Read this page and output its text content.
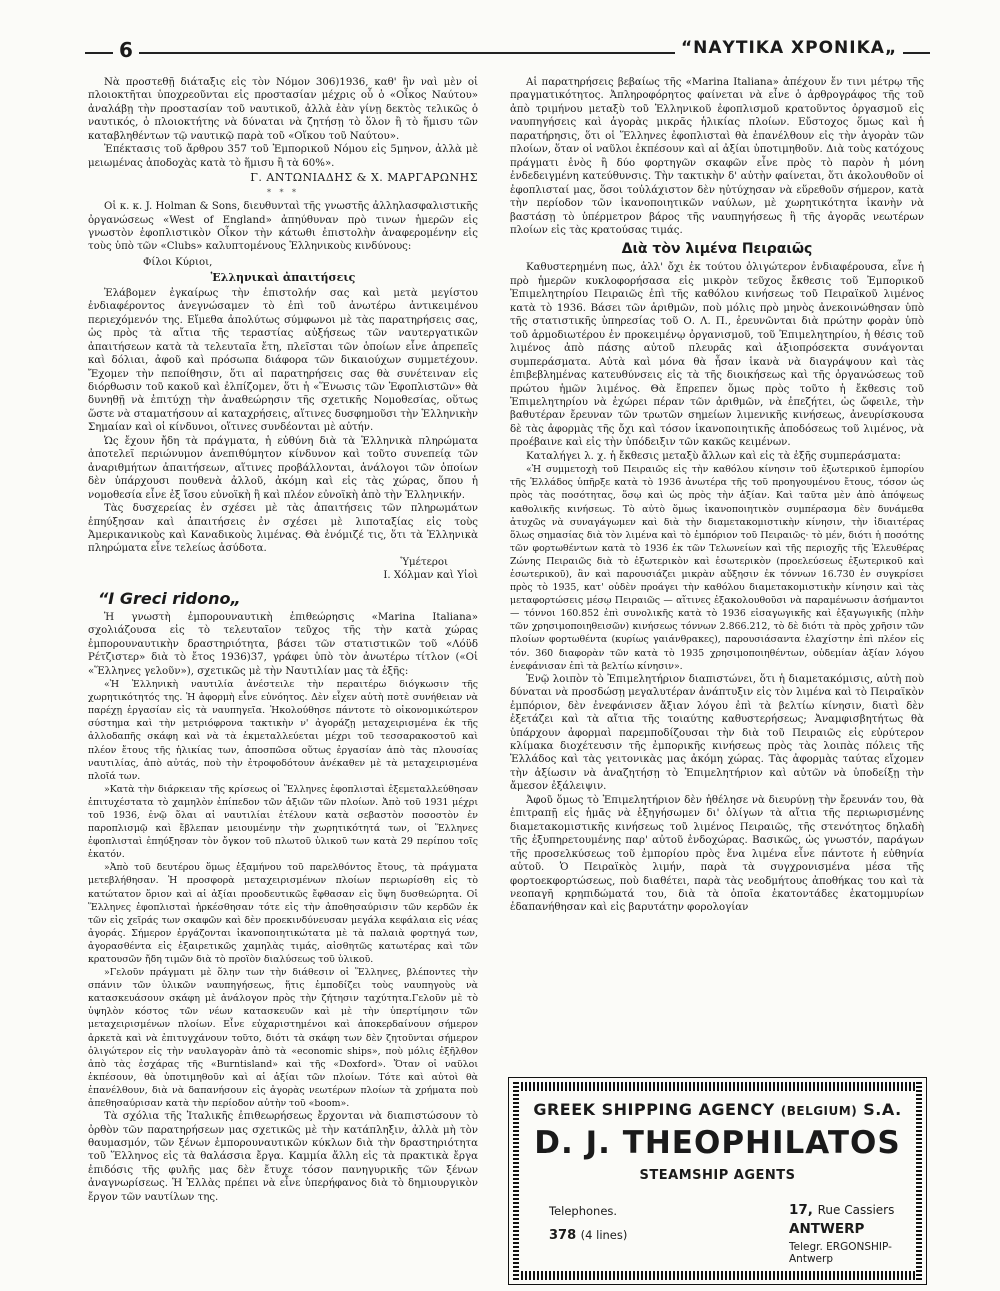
6	“ΝΑΥΤΙΚΑ ΧΡΟΝΙΚΑ„

Νὰ προστεθῇ διάταξις εἰς τὸν Νόμον 306)1936, καθ' ἣν ναὶ μὲν οἱ πλοιοκτῆται ὑποχρεοῦνται εἰς προστασίαν μέχρις οὗ ὁ «Οἶκος Ναύτου» ἀναλάβῃ τὴν προστασίαν τοῦ ναυτικοῦ, ἀλλὰ ἐὰν γίνῃ δεκτὸς τελικῶς ὁ ναυτικός, ὁ πλοιοκτήτης νὰ δύναται νὰ ζητήσῃ τὸ ὅλον ἢ τὸ ἥμισυ τῶν καταβληθέντων τῷ ναυτικῷ παρὰ τοῦ «Οἴκου τοῦ Ναύτου».

Ἐπέκτασις τοῦ ἄρθρου 357 τοῦ Ἐμπορικοῦ Νόμου εἰς 5μηνον, ἀλλὰ μὲ μειωμένας ἀποδοχὰς κατὰ τὸ ἥμισυ ἢ τὰ 60%».

Γ. ΑΝΤΩΝΙΑΔΗΣ & Χ. ΜΑΡΓΑΡΩΝΗΣ
* * *

Οἱ κ. κ. J. Holman & Sons, διευθυνταὶ τῆς γνωστῆς ἀλληλασφαλιστικῆς ὀργανώσεως «West of England» ἀπηύθυναν πρὸ τινων ἡμερῶν εἰς γνωστὸν ἐφοπλιστικὸν Οἶκον τὴν κάτωθι ἐπιστολὴν ἀναφερομένην εἰς τοὺς ὑπὸ τῶν «Clubs» καλυπτομένους Ἑλληνικοὺς κινδύνους:

Φίλοι Κύριοι,
Ἑλληνικαὶ ἀπαιτήσεις

Ἐλάβομεν ἐγκαίρως τὴν ἐπιστολήν σας καὶ μετὰ μεγίστου ἐνδιαφέροντος ἀνεγνώσαμεν τὸ ἐπὶ τοῦ ἀνωτέρω ἀντικειμένου περιεχόμενόν της. Εἴμεθα ἀπολύτως σύμφωνοι μὲ τὰς παρατηρήσεις σας, ὡς πρὸς τὰ αἴτια τῆς τεραστίας αὐξήσεως τῶν ναυτεργατικῶν ἀπαιτήσεων κατὰ τὰ τελευταῖα ἔτη, πλεῖσται τῶν ὁποίων εἶνε ἀπρεπεῖς καὶ δόλιαι, ἀφοῦ καὶ πρόσωπα διάφορα τῶν δικαιούχων συμμετέχουν. Ἔχομεν τὴν πεποίθησιν, ὅτι αἱ παρατηρήσεις σας θὰ συνέτειναν εἰς διόρθωσιν τοῦ κακοῦ καὶ ἐλπίζομεν, ὅτι ἡ «Ἕνωσις τῶν Ἐφοπλιστῶν» θὰ δυνηθῇ νὰ ἐπιτύχῃ τὴν ἀναθεώρησιν τῆς σχετικῆς Νομοθεσίας, οὕτως ὥστε νὰ σταματήσουν αἱ καταχρήσεις, αἵτινες δυσφημοῦσι τὴν Ἑλληνικὴν Σημαίαν καὶ οἱ κίνδυνοι, οἵτινες συνδέονται μὲ αὐτήν.

Ὡς ἔχουν ἤδη τὰ πράγματα, ἡ εὐθύνη διὰ τὰ Ἑλληνικὰ πληρώματα ἀποτελεῖ περιώνυμον ἀνεπιθύμητον κίνδυνον καὶ τοῦτο συνεπείᾳ τῶν ἀναριθμήτων ἀπαιτήσεων, αἵτινες προβάλλονται, ἀνάλογοι τῶν ὁποίων δὲν ὑπάρχουσι πουθενὰ ἀλλοῦ, ἀκόμη καὶ εἰς τὰς χώρας, ὅπου ἡ νομοθεσία εἶνε ἐξ ἴσου εὐνοϊκὴ ἢ καὶ πλέον εὐνοϊκὴ ἀπὸ τὴν Ἑλληνικήν.

Τὰς δυσχερείας ἐν σχέσει μὲ τὰς ἀπαιτήσεις τῶν πληρωμάτων ἐπηύξησαν καὶ ἀπαιτήσεις ἐν σχέσει μὲ λιποταξίας εἰς τοὺς Ἀμερικανικοὺς καὶ Καναδικοὺς λιμένας. Θὰ ἐνόμιζέ τις, ὅτι τὰ Ἑλληνικὰ πληρώματα εἶνε τελείως ἀσύδοτα.

Ὑμέτεροι
Ι. Χόλμαν καὶ Υἱοὶ
“I Greci ridono„

Ἡ γνωστὴ ἐμπορουναυτικὴ ἐπιθεώρησις «Marina Italiana» σχολιάζουσα εἰς τὸ τελευταῖον τεῦχος τῆς τὴν κατὰ χώρας ἐμπορουναυτικὴν δραστηριότητα, βάσει τῶν στατιστικῶν τοῦ «Λόϋδ Ρέτζιστερ» διὰ τὸ ἔτος 1936)37, γράφει ὑπὸ τὸν ἀνωτέρω τίτλον («Οἱ «Ἕλληνες γελοῦν»), σχετικῶς μὲ τὴν Ναυτιλίαν μας τὰ ἑξῆς:

«Ἡ Ἑλληνικὴ ναυτιλία ἀνέστειλε τὴν περαιτέρω διόγκωσιν τῆς χωρητικότητός της. Ἡ ἀφορμὴ εἶνε εὐνόητος. Δὲν εἶχεν αὐτὴ ποτὲ συνήθειαν νὰ παρέχῃ ἐργασίαν εἰς τὰ ναυπηγεῖα. Ἠκολούθησε πάντοτε τὸ οἰκονομικώτερον σύστημα καὶ τὴν μετριόφρονα τακτικὴν ν' ἀγοράζῃ μεταχειρισμένα ἐκ τῆς ἀλλοδαπῆς σκάφη καὶ νὰ τὰ ἐκμεταλλεύεται μέχρι τοῦ τεσσαρακοστοῦ καὶ πλέον ἔτους τῆς ἡλικίας των, ἀποσπῶσα οὕτως ἐργασίαν ἀπὸ τὰς πλουσίας ναυτιλίας, ἀπὸ αὐτάς, ποὺ τὴν ἐτροφοδότουν ἀνέκαθεν μὲ τὰ μεταχειρισμένα πλοῖά των.

»Κατὰ τὴν διάρκειαν τῆς κρίσεως οἱ Ἕλληνες ἐφοπλισταὶ ἐξεμεταλλεύθησαν ἐπιτυχέστατα τὸ χαμηλὸν ἐπίπεδον τῶν ἀξιῶν τῶν πλοίων. Ἀπὸ τοῦ 1931 μέχρι τοῦ 1936, ἐνῷ ὅλαι αἱ ναυτιλίαι ἐτέλουν κατὰ σεβαστὸν ποσοστὸν ἐν παροπλισμῷ καὶ ἔβλεπαν μειουμένην τὴν χωρητικότητά των, οἱ Ἕλληνες ἐφοπλισταὶ ἐπηύξησαν τὸν ὄγκον τοῦ πλωτοῦ ὑλικοῦ των κατὰ 29 περίπου τοῖς ἑκατόν.

»Ἀπὸ τοῦ δευτέρου ὅμως ἑξαμήνου τοῦ παρελθόντος ἔτους, τὰ πράγματα μετεβλήθησαν. Ἡ προσφορὰ μεταχειρισμένων πλοίων περιωρίσθη εἰς τὸ κατώτατον ὅριον καὶ αἱ ἀξίαι προοδευτικῶς ἔφθασαν εἰς ὕψη δυσθεώρητα. Οἱ Ἕλληνες ἐφοπλισταὶ ἠρκέσθησαν τότε εἰς τὴν ἀποθησαύρισιν τῶν κερδῶν ἐκ τῶν εἰς χεῖράς των σκαφῶν καὶ δὲν προεκινδύνευσαν μεγάλα κεφάλαια εἰς νέας ἀγοράς. Σήμερον ἐργάζονται ἱκανοποιητικώτατα μὲ τὰ παλαιὰ φορτηγά των, ἀγορασθέντα εἰς ἐξαιρετικῶς χαμηλὰς τιμάς, αἰσθητῶς κατωτέρας καὶ τῶν κρατουσῶν ἤδη τιμῶν διὰ τὸ προϊὸν διαλύσεως τοῦ ὑλικοῦ.

»Γελοῦν πράγματι μὲ ὅλην των τὴν διάθεσιν οἱ Ἕλληνες, βλέποντες τὴν σπάνιν τῶν ὑλικῶν ναυπηγήσεως, ἥτις ἐμποδίζει τοὺς ναυπηγοὺς νὰ κατασκευάσουν σκάφη μὲ ἀνάλογον πρὸς τὴν ζήτησιν ταχύτητα.Γελοῦν μὲ τὸ ὑψηλὸν κόστος τῶν νέων κατασκευῶν καὶ μὲ τὴν ὑπερτίμησιν τῶν μεταχειρισμένων πλοίων. Εἶνε εὐχαριστημένοι καὶ ἀποκερδαίνουν σήμερον ἀρκετὰ καὶ νὰ ἐπιτυγχάνουν τοῦτο, διότι τὰ σκάφη των δὲν ζητοῦνται σήμερον ὀλιγώτερον εἰς τὴν ναυλαγορὰν ἀπὸ τὰ «economic ships», ποὺ μόλις ἐξῆλθον ἀπὸ τὰς ἐσχάρας τῆς «Burntisland» καὶ τῆς «Doxford». Ὅταν οἱ ναῦλοι ἐκπέσουν, θὰ ὑποτιμηθοῦν καὶ αἱ ἀξίαι τῶν πλοίων. Τότε καὶ αὐτοὶ θὰ ἐπανέλθουν, διὰ νὰ δαπανήσουν εἰς ἀγορὰς νεωτέρων πλοίων τὰ χρήματα ποὺ ἀπεθησαύρισαν κατὰ τὴν περίοδον αὐτὴν τοῦ «boom».

Τὰ σχόλια τῆς Ἰταλικῆς ἐπιθεωρήσεως ἔρχονται νὰ διαπιστώσουν τὸ ὀρθὸν τῶν παρατηρήσεων μας σχετικῶς μὲ τὴν κατάπληξιν, ἀλλὰ μὴ τὸν θαυμασμόν, τῶν ξένων ἐμπορουναυτικῶν κύκλων διὰ τὴν δραστηριότητα τοῦ Ἕλληνος εἰς τὰ θαλάσσια ἔργα. Καμμία ἄλλη εἰς τὰ πρακτικὰ ἔργα ἐπιδόσις τῆς φυλῆς μας δὲν ἔτυχε τόσον πανηγυρικῆς τῶν ξένων ἀναγνωρίσεως. Ἡ Ἑλλὰς πρέπει νὰ εἶνε ὑπερήφανος διὰ τὸ δημιουργικὸν ἔργον τῶν ναυτίλων της.

Αἱ παρατηρήσεις βεβαίως τῆς «Marina Italiana» ἀπέχουν ἔν τινι μέτρῳ τῆς πραγματικότητος. Ἀπληροφόρητος φαίνεται νὰ εἶνε ὁ ἀρθρογράφος τῆς τοῦ ἀπὸ τριμήνου μεταξὺ τοῦ Ἑλληνικοῦ ἐφοπλισμοῦ κρατοῦντος ὀργασμοῦ εἰς ναυπηγήσεις καὶ ἀγορὰς μικρᾶς ἡλικίας πλοίων. Εὔστοχος ὅμως καὶ ἡ παρατήρησις, ὅτι οἱ Ἕλληνες ἐφοπλισταὶ θὰ ἐπανέλθουν εἰς τὴν ἀγορὰν τῶν πλοίων, ὅταν οἱ ναῦλοι ἐκπέσουν καὶ αἱ ἀξίαι ὑποτιμηθοῦν. Διὰ τοὺς κατόχους πράγματι ἑνὸς ἢ δύο φορτηγῶν σκαφῶν εἶνε πρὸς τὸ παρὸν ἡ μόνη ἐνδεδειγμένη κατεύθυνσις. Τὴν τακτικὴν δ' αὐτὴν φαίνεται, ὅτι ἀκολουθοῦν οἱ ἐφοπλισταί μας, ὅσοι τοὐλάχιστον δὲν ηὐτύχησαν νὰ εὕρεθοῦν σήμερον, κατὰ τὴν περίοδον τῶν ἱκανοποιητικῶν ναύλων, μὲ χωρητικότητα ἱκανὴν νὰ βαστάσῃ τὸ ὑπέρμετρον βάρος τῆς ναυπηγήσεως ἢ τῆς ἀγορᾶς νεωτέρων πλοίων εἰς τὰς κρατούσας τιμάς.

Διὰ τὸν λιμένα Πειραιῶς

Καθυστερημένη πως, ἀλλ' ὄχι ἐκ τούτου ὀλιγώτερον ἐνδιαφέρουσα, εἶνε ἡ πρὸ ἡμερῶν κυκλοφορήσασα εἰς μικρὸν τεῦχος ἔκθεσις τοῦ Ἐμπορικοῦ Ἐπιμελητηρίου Πειραιῶς ἐπὶ τῆς καθόλου κινήσεως τοῦ Πειραϊκοῦ λιμένος κατὰ τὸ 1936. Βάσει τῶν ἀριθμῶν, ποὺ μόλις πρὸ μηνὸς ἀνεκοινώθησαν ὑπὸ τῆς στατιστικῆς ὑπηρεσίας τοῦ Ο. Λ. Π., ἐρευνῶνται διὰ πρώτην φορὰν ὑπὸ τοῦ ἁρμοδιωτέρου ἐν προκειμένῳ ὀργανισμοῦ, τοῦ Ἐπιμελητηρίου, ἡ θέσις τοῦ λιμένος ἀπὸ πάσης αὐτοῦ πλευρᾶς καὶ ἀξιοπρόσεκτα συνάγονται συμπεράσματα. Αὐτὰ καὶ μόνα θὰ ἦσαν ἱκανὰ νὰ διαγράψουν καὶ τὰς ἐπιβεβλημένας κατευθύνσεις εἰς τὰ τῆς διοικήσεως καὶ τῆς ὀργανώσεως τοῦ πρώτου ἡμῶν λιμένος. Θὰ ἔπρεπεν ὅμως πρὸς τοῦτο ἡ ἔκθεσις τοῦ Ἐπιμελητηρίου νὰ ἐχώρει πέραν τῶν ἀριθμῶν, νὰ ἐπεζήτει, ὡς ὤφειλε, τὴν βαθυτέραν ἔρευναν τῶν τρωτῶν σημείων λιμενικῆς κινήσεως, ἀνευρίσκουσα δὲ τὰς ἀφορμὰς τῆς ὄχι καὶ τόσον ἱκανοποιητικῆς ἀποδόσεως τοῦ λιμένος, νὰ προέβαινε καὶ εἰς τὴν ὑπόδειξιν τῶν κακῶς κειμένων.

Καταλήγει λ. χ. ἡ ἔκθεσις μεταξὺ ἄλλων καὶ εἰς τὰ ἑξῆς συμπεράσματα:

«Ἡ συμμετοχὴ τοῦ Πειραιῶς εἰς τὴν καθόλου κίνησιν τοῦ ἐξωτερικοῦ ἐμπορίου τῆς Ἑλλάδος ὑπῆρξε κατὰ τὸ 1936 ἀνωτέρα τῆς τοῦ προηγουμένου ἔτους, τόσον ὡς πρὸς τὰς ποσότητας, ὅσῳ καὶ ὡς πρὸς τὴν ἀξίαν. Καὶ ταῦτα μὲν ἀπὸ ἀπόψεως καθολικῆς κινήσεως. Τὸ αὐτὸ ὅμως ἱκανοποιητικὸν συμπέρασμα δὲν δυνάμεθα ἀτυχῶς νὰ συναγάγωμεν καὶ διὰ τὴν διαμετακομιστικὴν κίνησιν, τὴν ἰδιαιτέρας ὅλως σημασίας διὰ τὸν λιμένα καὶ τὸ ἐμπόριον τοῦ Πειραιῶς· τὸ μέν, διότι ἡ ποσότης τῶν φορτωθέντων κατὰ τὸ 1936 ἐκ τῶν Τελωνείων καὶ τῆς περιοχῆς τῆς Ἐλευθέρας Ζώνης Πειραιῶς διὰ τὸ ἐξωτερικὸν καὶ ἐσωτερικὸν (προελεύσεως ἐξωτερικοῦ καὶ ἐσωτερικοῦ), ἂν καὶ παρουσιάζει μικρὰν αὔξησιν ἐκ τόννων 16.730 ἐν συγκρίσει πρὸς τὸ 1935, κατ' οὐδὲν προάγει τὴν καθόλου διαμετακομιστικὴν κίνησιν καὶ τὰς μεταφορτώσεις μέσῳ Πειραιῶς — αἵτινες ἐξακολουθοῦσι νὰ παραμένωσιν ἀσήμαντοι — τόννοι 160.852 ἐπὶ συνολικῆς κατὰ τὸ 1936 εἰσαγωγικῆς καὶ ἐξαγωγικῆς (πλὴν τῶν χρησιμοποιηθεισῶν) κινήσεως τόννων 2.866.212, τὸ δὲ διότι τὰ πρὸς χρῆσιν τῶν πλοίων φορτωθέντα (κυρίως γαιάνθρακες), παρουσιάσαντα ἐλαχίστην ἐπὶ πλέον εἰς τόν. 360 διαφορὰν τῶν κατὰ τὸ 1935 χρησιμοποιηθέντων, οὐδεμίαν ἀξίαν λόγου ἐνεφάνισαν ἐπὶ τὰ βελτίω κίνησιν».

Ἐνῷ λοιπὸν τὸ Ἐπιμελητήριον διαπιστώνει, ὅτι ἡ διαμετακόμισις, αὐτὴ ποὺ δύναται νὰ προσδώσῃ μεγαλυτέραν ἀνάπτυξιν εἰς τὸν λιμένα καὶ τὸ Πειραϊκὸν ἐμπόριον, δὲν ἐνεφάνισεν ἄξιαν λόγου ἐπὶ τὰ βελτίω κίνησιν, διατὶ δὲν ἐξετάζει καὶ τὰ αἴτια τῆς τοιαύτης καθυστερήσεως; Ἀναμφισβητήτως θὰ ὑπάρχουν ἀφορμαὶ παρεμποδίζουσαι τὴν διὰ τοῦ Πειραιῶς εἰς εὐρύτερον κλίμακα διοχέτευσιν τῆς ἐμπορικῆς κινήσεως πρὸς τὰς λοιπὰς πόλεις τῆς Ἑλλάδος καὶ τὰς γειτονικὰς μας ἀκόμη χώρας. Τὰς ἀφορμὰς ταύτας εἴχομεν τὴν ἀξίωσιν νὰ ἀναζητήσῃ τὸ Ἐπιμελητήριον καὶ αὐτῶν νὰ ὑποδείξῃ τὴν ἄμεσον ἐξάλειψιν.

Ἀφοῦ ὅμως τὸ Ἐπιμελητήριον δὲν ἠθέλησε νὰ διευρύνῃ τὴν ἔρευνάν του, θὰ ἐπιτραπῇ εἰς ἡμᾶς νὰ ἐξηγήσωμεν δι' ὀλίγων τὰ αἴτια τῆς περιωρισμένης διαμετακομιστικῆς κινήσεως τοῦ λιμένος Πειραιῶς, τῆς στενότητος δηλαδὴ τῆς ἐξυπηρετουμένης παρ' αὐτοῦ ἐνδοχώρας. Βασικῶς, ὡς γνωστόν, παράγων τῆς προσελκύσεως τοῦ ἐμπορίου πρὸς ἕνα λιμένα εἶνε πάντοτε ἡ εὐθηνία αὐτοῦ. Ὁ Πειραϊκὸς λιμήν, παρὰ τὰ συγχρονισμένα μέσα τῆς φορτοεκφορτώσεως, ποὺ διαθέτει, παρὰ τὰς νεοδμήτους ἀποθήκας του καὶ τὰ νεοπαγῆ κρηπιδώματά του, διὰ τὰ ὁποῖα ἑκατοντάδες ἑκατομμυρίων ἐδαπανήθησαν καὶ εἰς βαρυτάτην φορολογίαν

GREEK SHIPPING AGENCY (BELGIUM) S.A.
D. J. THEOPHILATOS
STEAMSHIP AGENTS
Telephones.
378 (4 lines)
17, Rue Cassiers
ANTWERP
Telegr. ERGONSHIP-Antwerp
